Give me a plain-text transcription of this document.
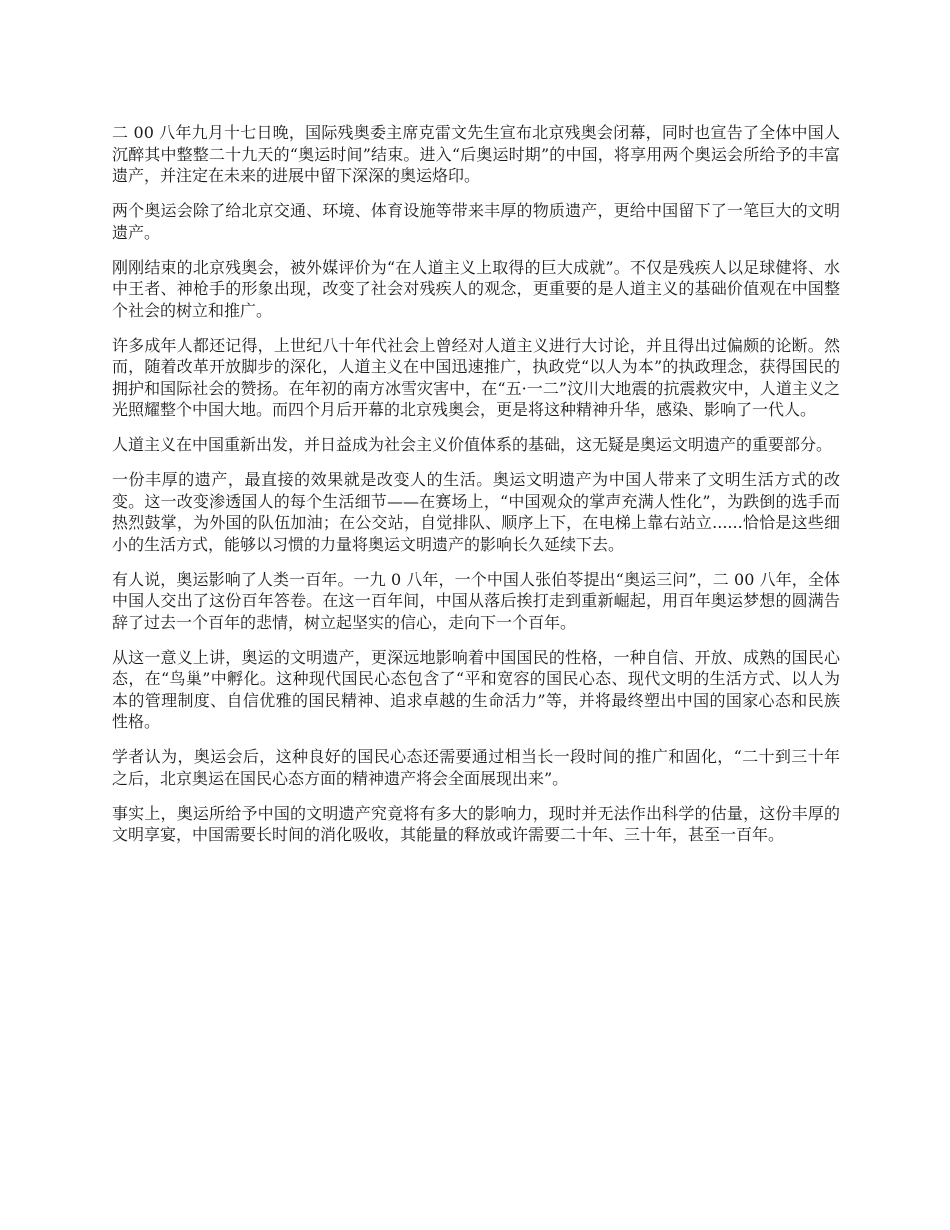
二 00 八年九月十七日晚，国际残奥委主席克雷文先生宣布北京残奥会闭幕，同时也宣告了全体中国人沉醉其中整整二十九天的“奥运时间”结束。进入“后奥运时期”的中国，将享用两个奥运会所给予的丰富遗产，并注定在未来的进展中留下深深的奥运烙印。

两个奥运会除了给北京交通、环境、体育设施等带来丰厚的物质遗产，更给中国留下了一笔巨大的文明遗产。

刚刚结束的北京残奥会，被外媒评价为“在人道主义上取得的巨大成就”。不仅是残疾人以足球健将、水中王者、神枪手的形象出现，改变了社会对残疾人的观念，更重要的是人道主义的基础价值观在中国整个社会的树立和推广。

许多成年人都还记得，上世纪八十年代社会上曾经对人道主义进行大讨论，并且得出过偏颇的论断。然而，随着改革开放脚步的深化，人道主义在中国迅速推广，执政党“以人为本”的执政理念，获得国民的拥护和国际社会的赞扬。在年初的南方冰雪灾害中，在“五·一二”汶川大地震的抗震救灾中，人道主义之光照耀整个中国大地。而四个月后开幕的北京残奥会，更是将这种精神升华，感染、影响了一代人。

人道主义在中国重新出发，并日益成为社会主义价值体系的基础，这无疑是奥运文明遗产的重要部分。

一份丰厚的遗产，最直接的效果就是改变人的生活。奥运文明遗产为中国人带来了文明生活方式的改变。这一改变渗透国人的每个生活细节——在赛场上，“中国观众的掌声充满人性化”，为跌倒的选手而热烈鼓掌，为外国的队伍加油；在公交站，自觉排队、顺序上下，在电梯上靠右站立......恰恰是这些细小的生活方式，能够以习惯的力量将奥运文明遗产的影响长久延续下去。

有人说，奥运影响了人类一百年。一九 0 八年，一个中国人张伯苓提出“奥运三问”，二 00 八年，全体中国人交出了这份百年答卷。在这一百年间，中国从落后挨打走到重新崛起，用百年奥运梦想的圆满告辞了过去一个百年的悲情，树立起坚实的信心，走向下一个百年。

从这一意义上讲，奥运的文明遗产，更深远地影响着中国国民的性格，一种自信、开放、成熟的国民心态，在“鸟巢”中孵化。这种现代国民心态包含了“平和宽容的国民心态、现代文明的生活方式、以人为本的管理制度、自信优雅的国民精神、追求卓越的生命活力”等，并将最终塑出中国的国家心态和民族性格。

学者认为，奥运会后，这种良好的国民心态还需要通过相当长一段时间的推广和固化，“二十到三十年之后，北京奥运在国民心态方面的精神遗产将会全面展现出来”。

事实上，奥运所给予中国的文明遗产究竟将有多大的影响力，现时并无法作出科学的估量，这份丰厚的文明享宴，中国需要长时间的消化吸收，其能量的释放或许需要二十年、三十年，甚至一百年。
